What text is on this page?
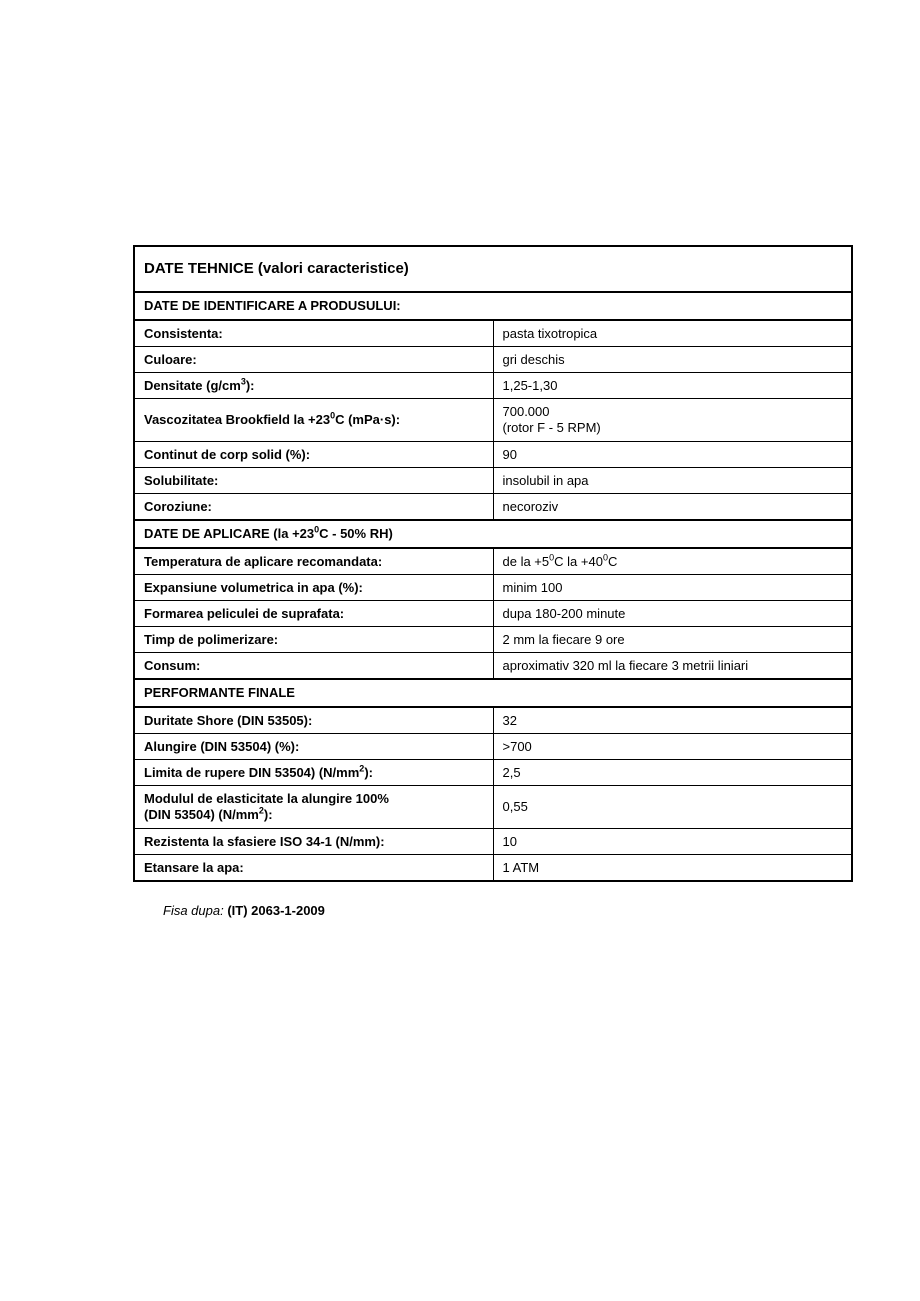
DATE TEHNICE (valori caracteristice)	
DATE DE IDENTIFICARE A PRODUSULUI:	
Consistenta:	pasta tixotropica
Culoare:	gri deschis
Densitate $(g/cm^3)$:	1,25-1,30
Vascozitatea Brookfield la $+23^0C$ (mPa·s):	700.000
(rotor F - 5 RPM)

Continut de corp solid (%):	90
Solubilitate:	insolubil in apa
Coroziune:	necoroziv
DATE DE APLICARE ($la +23^0C - 50\%$ RH)	
Temperatura de aplicare recomandata:	de la $+5^0C$ la $+40^0C$
Expansiune volumetrica in apa (%):	minim 100
Formarea peliculei de suprafata:	dupa 180-200 minute
Timp de polimerizare:	2 mm la fiecare 9 ore
Consum:	aproximativ 320 ml la fiecare 3 metrii liniari
PERFORMANTE FINALE	
Duritate Shore (DIN 53505):	32
Alungire (DIN 53504) (%):	>700
Limita de rupere DIN 53504) $(N/mm^2)$:	2,5

Modulul de elasticitate la alungire 100%
(DIN 53504) $(N/mm^2)$:	0,55
Rezistenta la sfasiere ISO 34-1 (N/mm):	10
Etansare la apa:	1 ATM
Fisa dupa: (IT) 2063-1-2009
